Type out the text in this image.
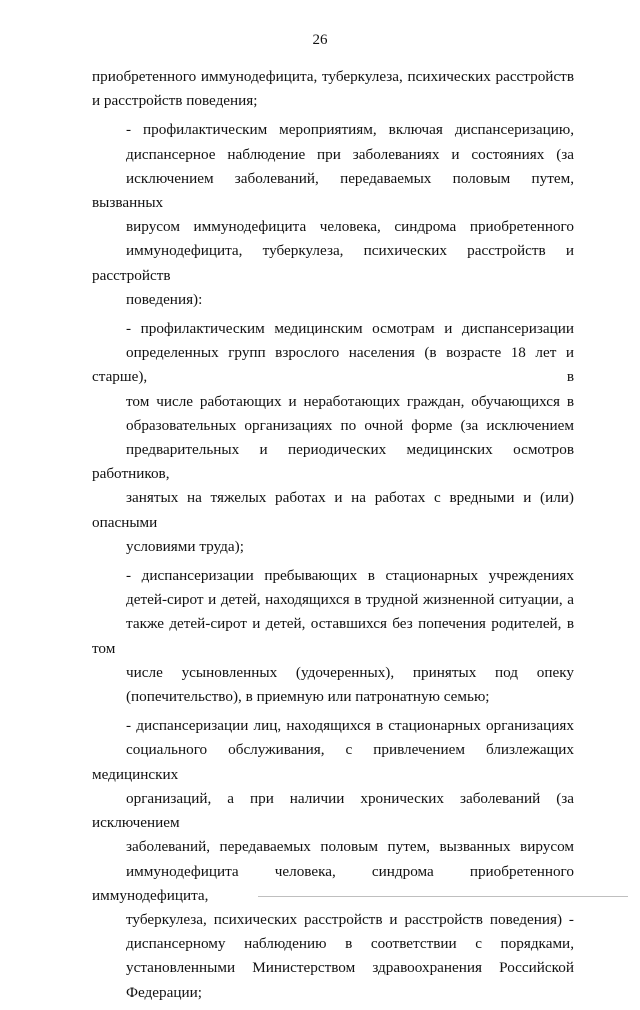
26
приобретенного иммунодефицита, туберкулеза, психических расстройств
и расстройств поведения;
- профилактическим мероприятиям, включая диспансеризацию,
диспансерное наблюдение при заболеваниях и состояниях (за
исключением заболеваний, передаваемых половым путем, вызванных
вирусом иммунодефицита человека, синдрома приобретенного
иммунодефицита, туберкулеза, психических расстройств и расстройств
поведения):
- профилактическим медицинским осмотрам и диспансеризации
определенных групп взрослого населения (в возрасте 18 лет и старше), в
том числе работающих и неработающих граждан, обучающихся в
образовательных организациях по очной форме (за исключением
предварительных и периодических медицинских осмотров работников,
занятых на тяжелых работах и на работах с вредными и (или) опасными
условиями труда);
- диспансеризации пребывающих в стационарных учреждениях
детей-сирот и детей, находящихся в трудной жизненной ситуации, а
также детей-сирот и детей, оставшихся без попечения родителей, в том
числе усыновленных (удочеренных), принятых под опеку
(попечительство), в приемную или патронатную семью;
- диспансеризации лиц, находящихся в стационарных организациях
социального обслуживания, с привлечением близлежащих медицинских
организаций, а при наличии хронических заболеваний (за исключением
заболеваний, передаваемых половым путем, вызванных вирусом
иммунодефицита человека, синдрома приобретенного иммунодефицита,
туберкулеза, психических расстройств и расстройств поведения) -
диспансерному наблюдению в соответствии с порядками,
установленными Министерством здравоохранения Российской
Федерации;
